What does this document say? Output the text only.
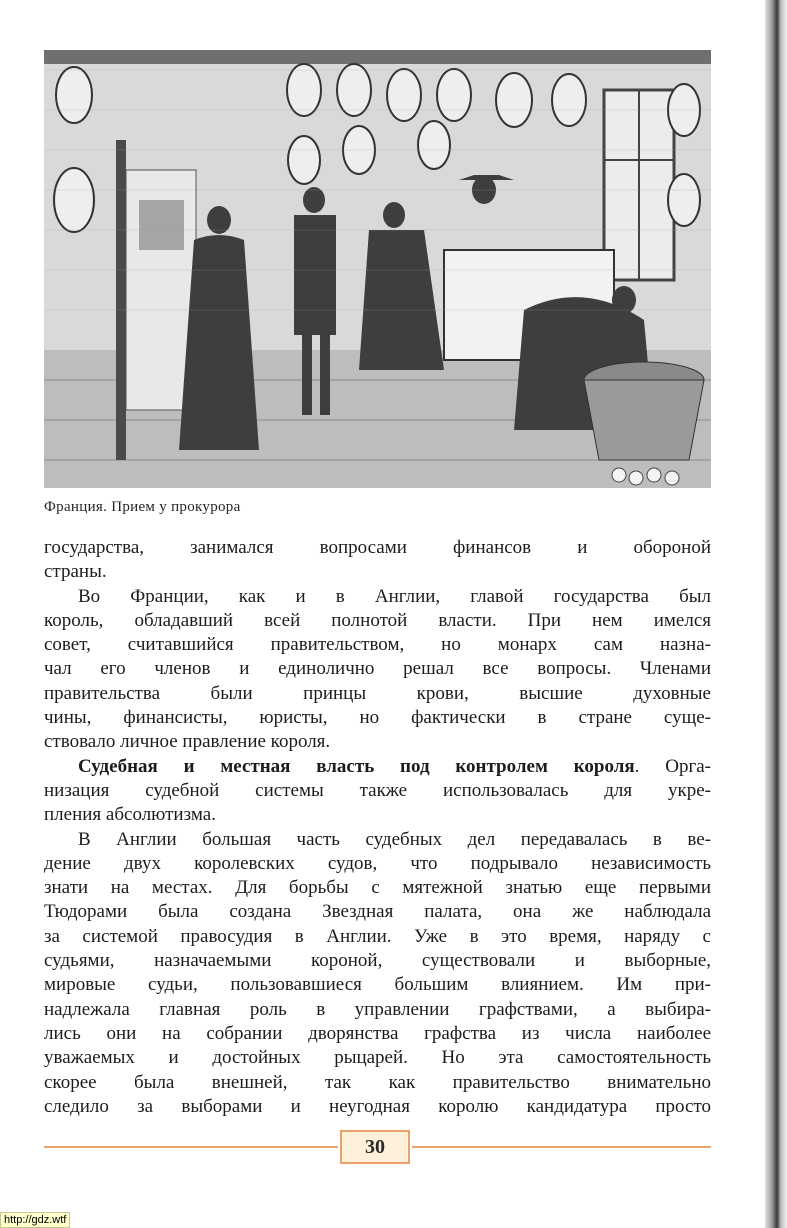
Франция. Прием у прокурора
государства, занимался вопросами финансов и обороной
страны.
Во Франции, как и в Англии, главой государства был
король, обладавший всей полнотой власти. При нем имелся
совет, считавшийся правительством, но монарх сам назна-
чал его членов и единолично решал все вопросы. Членами
правительства были принцы крови, высшие духовные
чины, финансисты, юристы, но фактически в стране суще-
ствовало личное правление короля.
Судебная и местная власть под контролем короля. Орга-
низация судебной системы также использовалась для укре-
пления абсолютизма.
В Англии большая часть судебных дел передавалась в ве-
дение двух королевских судов, что подрывало независимость
знати на местах. Для борьбы с мятежной знатью еще первыми
Тюдорами была создана Звездная палата, она же наблюдала
за системой правосудия в Англии. Уже в это время, наряду с
судьями, назначаемыми короной, существовали и выборные,
мировые судьи, пользовавшиеся большим влиянием. Им при-
надлежала главная роль в управлении графствами, а выбира-
лись они на собрании дворянства графства из числа наиболее
уважаемых и достойных рыцарей. Но эта самостоятельность
скорее была внешней, так как правительство внимательно
следило за выборами и неугодная королю кандидатура просто
30
http://gdz.wtf
